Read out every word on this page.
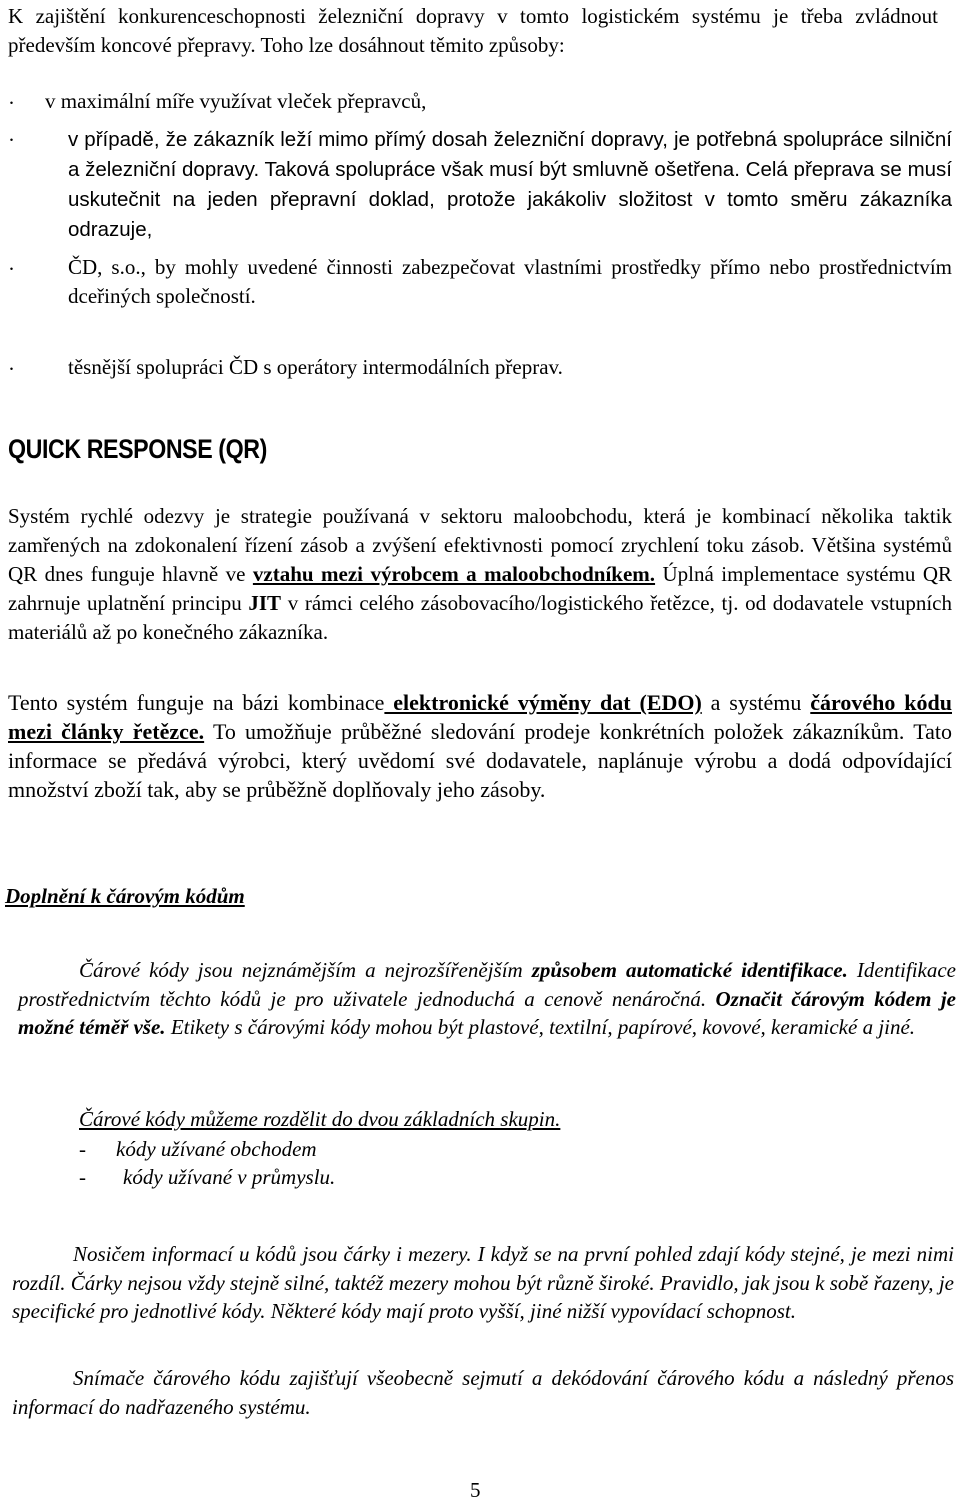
K zajištění konkurenceschopnosti železniční dopravy v tomto logistickém systému je třeba zvládnout především koncové přepravy. Toho lze dosáhnout těmito způsoby:

· v maximální míře využívat vleček přepravců,

·	v případě, že zákazník leží mimo přímý dosah železniční dopravy, je potřebná spolupráce silniční a železniční dopravy. Taková spolupráce však musí být smluvně ošetřena. Celá přeprava se musí uskutečnit na jeden přepravní doklad, protože jakákoliv složitost v tomto směru zákazníka odrazuje,

·	ČD, s.o., by mohly uvedené činnosti zabezpečovat vlastními prostředky přímo nebo prostřednictvím dceřiných společností.

·	těsnější spolupráci ČD s operátory intermodálních přeprav.

QUICK RESPONSE (QR)

Systém rychlé odezvy je strategie používaná v sektoru maloobchodu, která je kombinací několika taktik zamřených na zdokonalení řízení zásob a zvýšení efektivnosti pomocí zrychlení toku zásob. Většina systémů QR dnes funguje hlavně ve vztahu mezi výrobcem a maloobchodníkem. Úplná implementace systému QR zahrnuje uplatnění principu JIT v rámci celého zásobovacího/logistického řetězce, tj. od dodavatele vstupních materiálů až po konečného zákazníka.

Tento systém funguje na bázi kombinace elektronické výměny dat (EDO) a systému čárového kódu mezi články řetězce. To umožňuje průběžné sledování prodeje konkrétních položek zákazníkům. Tato informace se předává výrobci, který uvědomí své dodavatele, naplánuje výrobu a dodá odpovídající množství zboží tak, aby se průběžně doplňovaly jeho zásoby.

Doplnění k čárovým kódům

Čárové kódy jsou nejznámějším a nejrozšířenějším způsobem automatické identifikace. Identifikace prostřednictvím těchto kódů je pro uživatele jednoduchá a cenově nenáročná. Označit čárovým kódem je možné téměř vše. Etikety s čárovými kódy mohou být plastové, textilní, papírové, kovové, keramické a jiné.

Čárové kódy můžeme rozdělit do dvou základních skupin.

- kódy užívané obchodem
- kódy užívané v průmyslu.

Nosičem informací u kódů jsou čárky i mezery. I když se na první pohled zdají kódy stejné, je mezi nimi rozdíl. Čárky nejsou vždy stejně silné, taktéž mezery mohou být různě široké. Pravidlo, jak jsou k sobě řazeny, je specifické pro jednotlivé kódy. Některé kódy mají proto vyšší, jiné nižší vypovídací schopnost.

Snímače čárového kódu zajišťují všeobecně sejmutí a dekódování čárového kódu a následný přenos informací do nadřazeného systému.

5
